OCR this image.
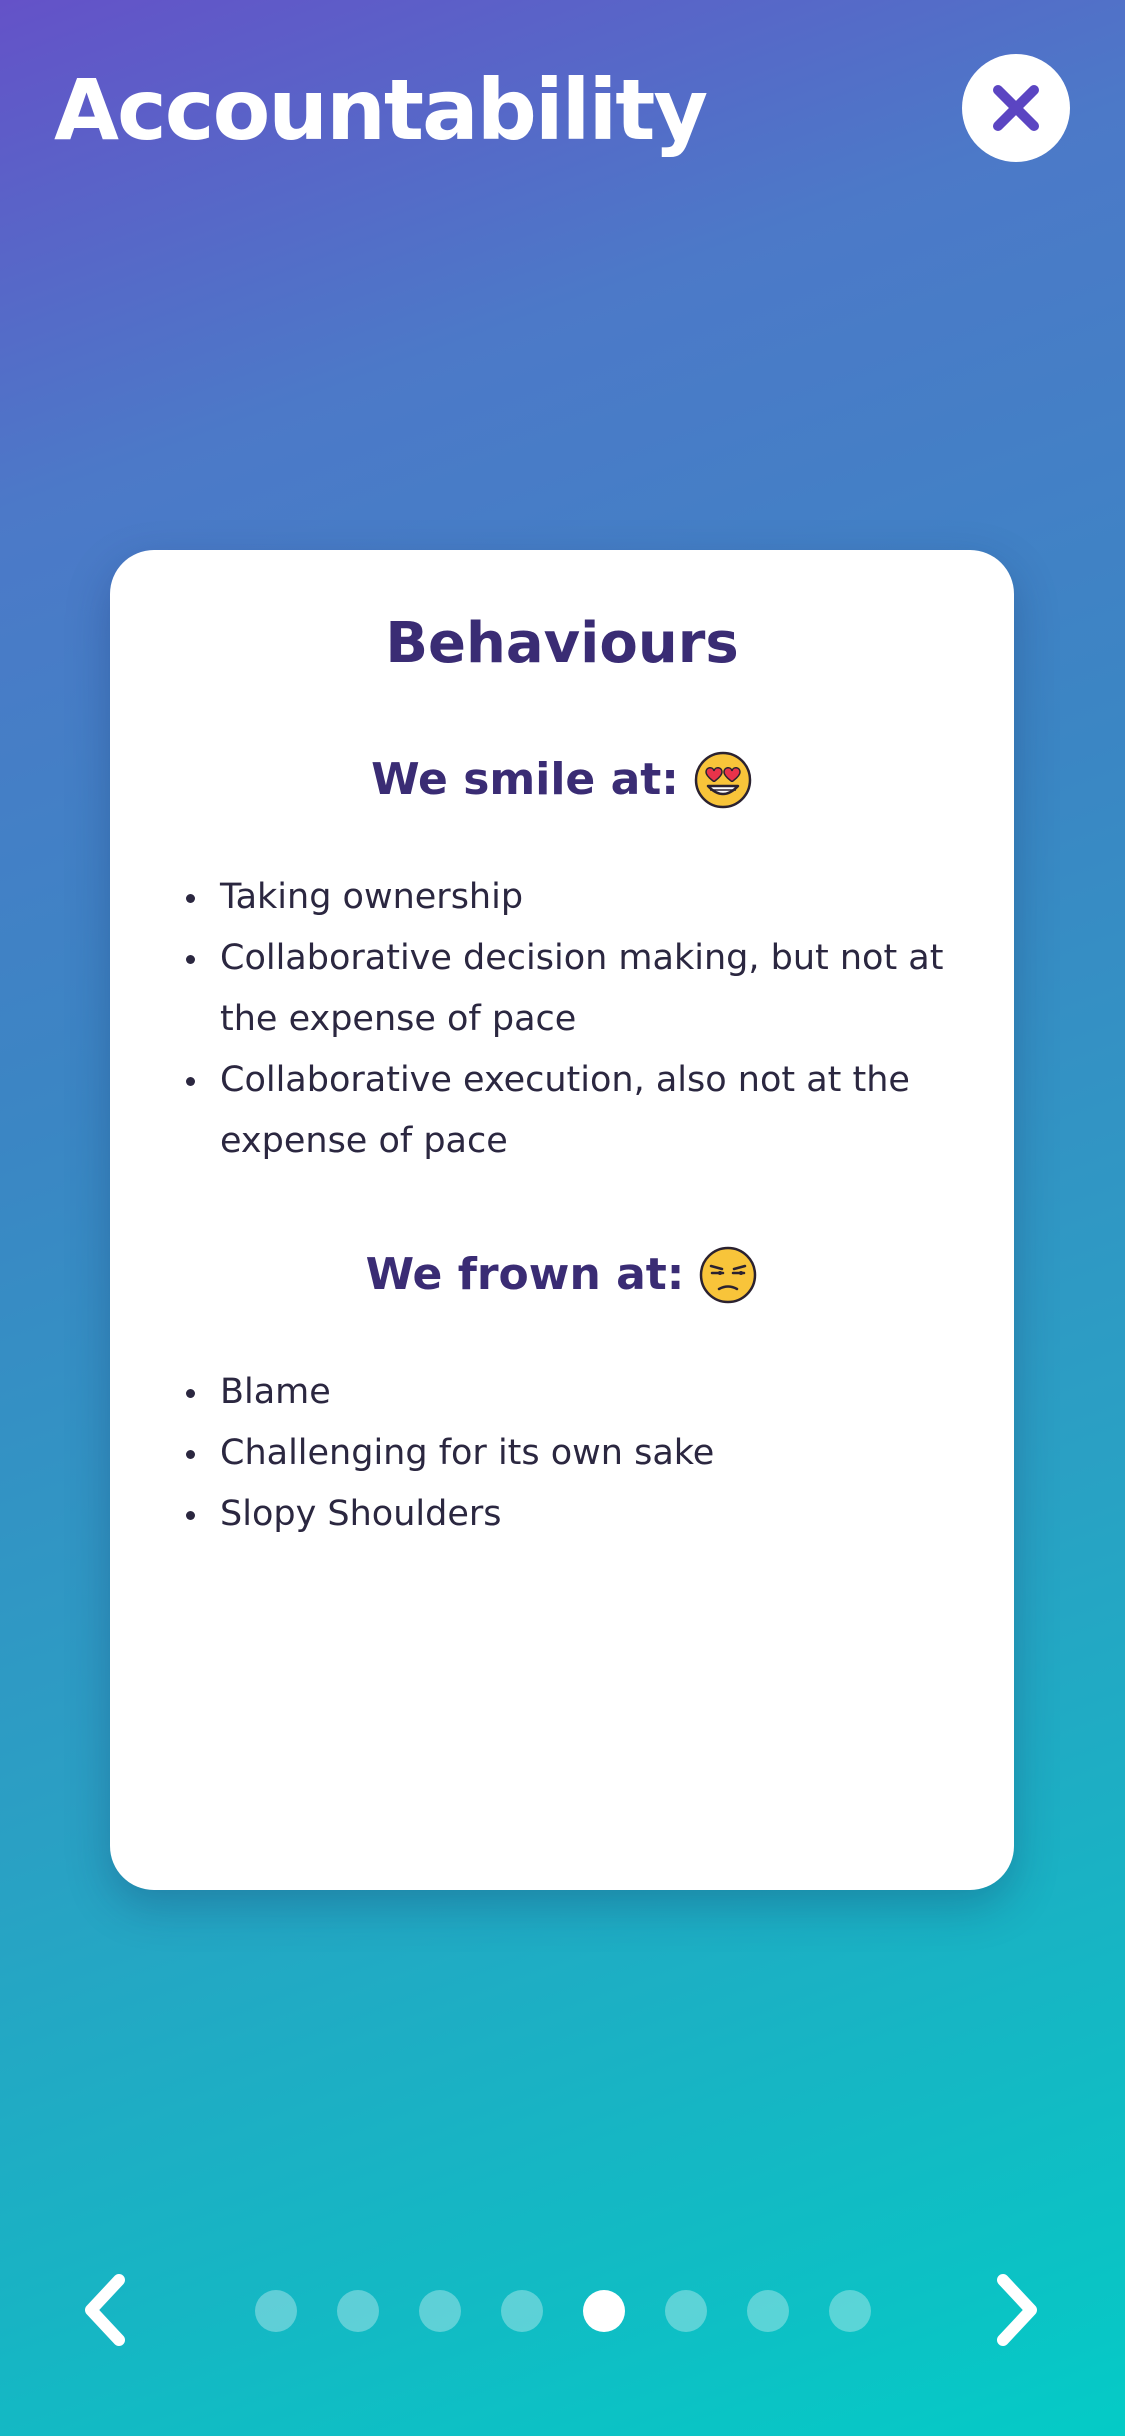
Accountability
Behaviours
We smile at:
Taking ownership
Collaborative decision making, but not at the expense of pace
Collaborative execution, also not at the expense of pace
We frown at:
Blame
Challenging for its own sake
Slopy Shoulders
